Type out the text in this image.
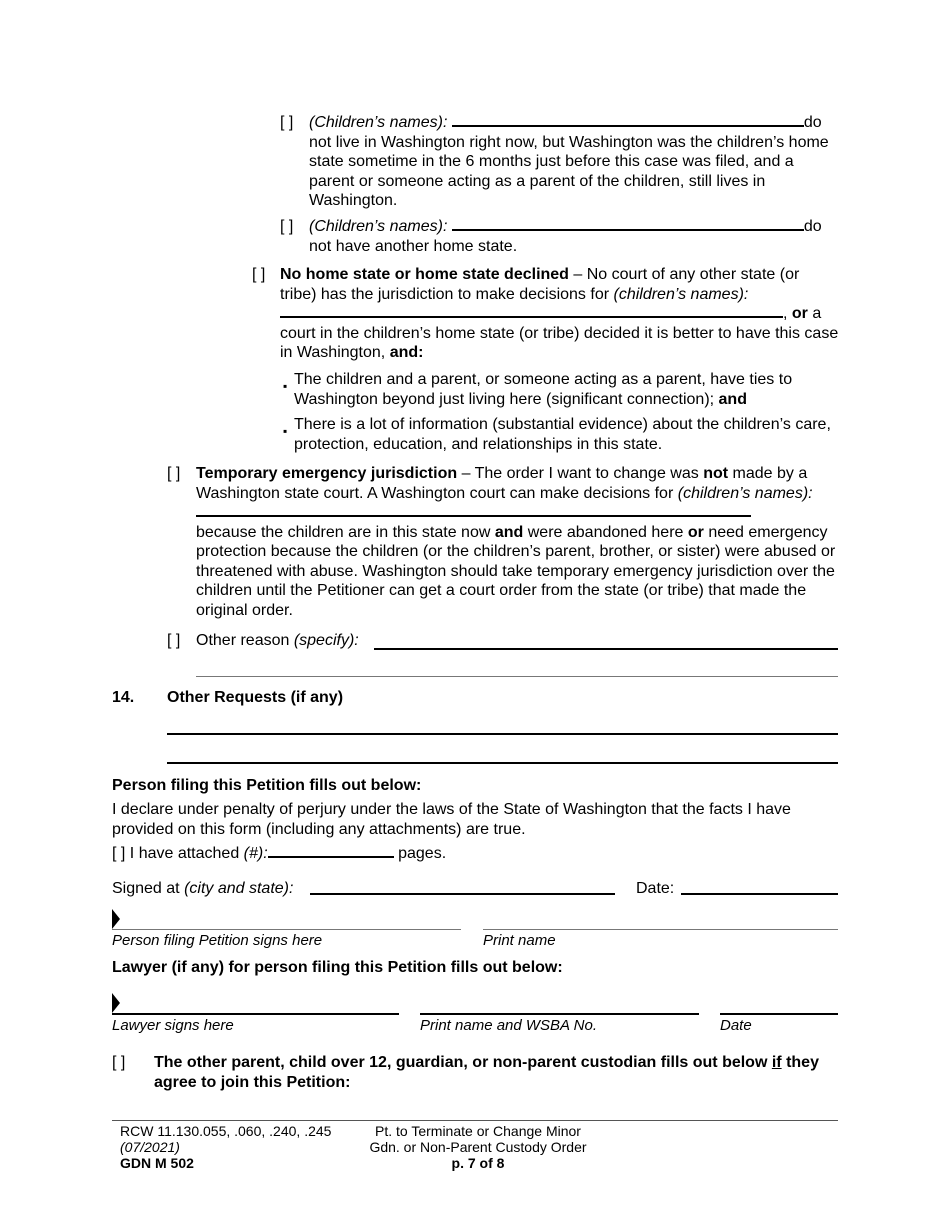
[ ] (Children’s names):	do
not live in Washington right now, but Washington was the children’s home state sometime in the 6 months just before this case was filed, and a parent or someone acting as a parent of the children, still lives in Washington.
[ ] (Children’s names):	do
not have another home state.
[ ] No home state or home state declined – No court of any other state (or tribe) has the jurisdiction to make decisions for (children’s names):
, or a
court in the children’s home state (or tribe) decided it is better to have this case in Washington, and:
▪ The children and a parent, or someone acting as a parent, have ties to Washington beyond just living here (significant connection); and
▪ There is a lot of information (substantial evidence) about the children’s care, protection, education, and relationships in this state.
[ ] Temporary emergency jurisdiction – The order I want to change was not made by a Washington state court. A Washington court can make decisions for (children’s names):
because the children are in this state now and were abandoned here or need emergency protection because the children (or the children’s parent, brother, or sister) were abused or threatened with abuse. Washington should take temporary emergency jurisdiction over the children until the Petitioner can get a court order from the state (or tribe) that made the original order.
[ ] Other reason (specify):
14. Other Requests (if any)
Person filing this Petition fills out below:
I declare under penalty of perjury under the laws of the State of Washington that the facts I have provided on this form (including any attachments) are true.
[ ] I have attached (#):	pages.
Signed at (city and state):	Date:
Person filing Petition signs here	Print name
Lawyer (if any) for person filing this Petition fills out below:
Lawyer signs here	Print name and WSBA No.	Date
[ ] The other parent, child over 12, guardian, or non-parent custodian fills out below if they agree to join this Petition:
RCW 11.130.055, .060, .240, .245
(07/2021)
GDN M 502
Pt. to Terminate or Change Minor
Gdn. or Non-Parent Custody Order
p. 7 of 8
